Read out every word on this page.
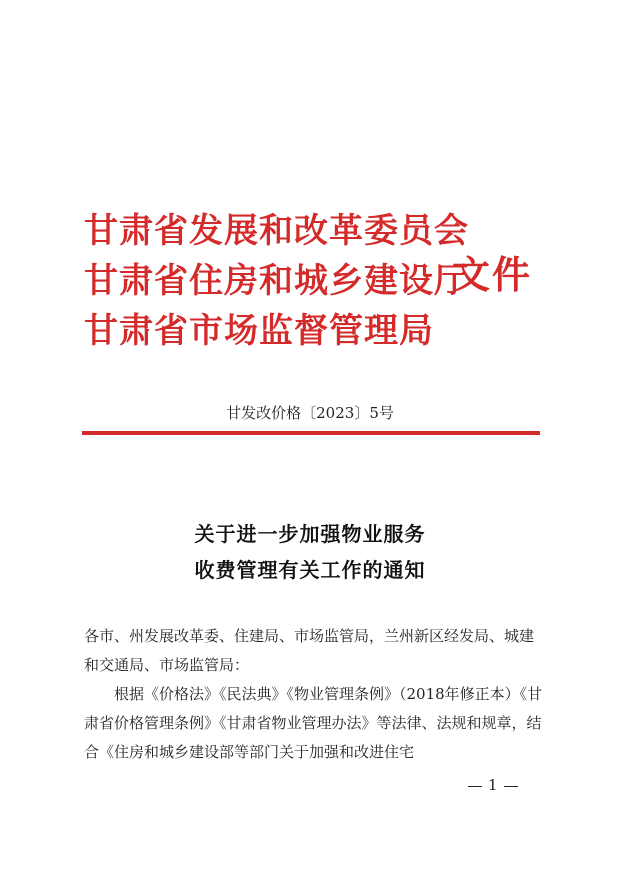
甘肃省发展和改革委员会
甘肃省住房和城乡建设厅
甘肃省市场监督管理局
文件
甘发改价格〔2023〕5号
关于进一步加强物业服务
收费管理有关工作的通知
各市、州发展改革委、住建局、市场监管局，兰州新区经发局、城建和交通局、市场监管局：
根据《价格法》《民法典》《物业管理条例》（2018年修正本）《甘肃省价格管理条例》《甘肃省物业管理办法》等法律、法规和规章，结合《住房和城乡建设部等部门关于加强和改进住宅
1
